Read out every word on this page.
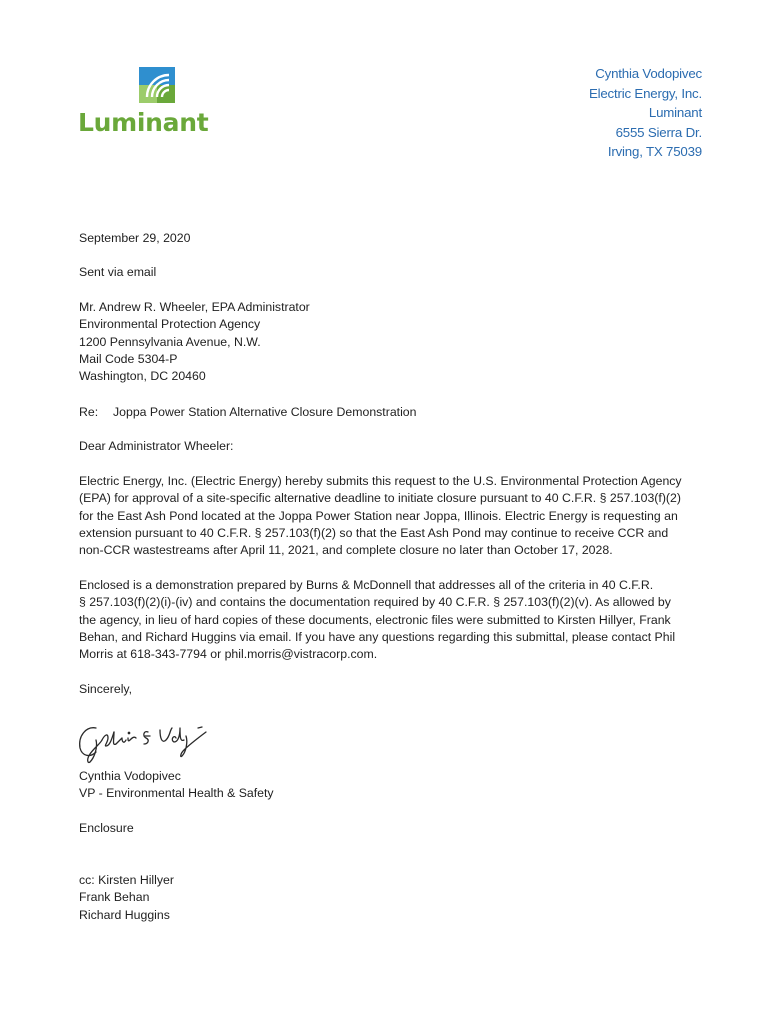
Luminant
Cynthia Vodopivec
Electric Energy, Inc.
Luminant
6555 Sierra Dr.
Irving, TX 75039
September 29, 2020
Sent via email
Mr. Andrew R. Wheeler, EPA Administrator
Environmental Protection Agency
1200 Pennsylvania Avenue, N.W.
Mail Code 5304-P
Washington, DC 20460
Re: Joppa Power Station Alternative Closure Demonstration
Dear Administrator Wheeler:
Electric Energy, Inc. (Electric Energy) hereby submits this request to the U.S. Environmental Protection Agency
(EPA) for approval of a site-specific alternative deadline to initiate closure pursuant to 40 C.F.R. § 257.103(f)(2)
for the East Ash Pond located at the Joppa Power Station near Joppa, Illinois. Electric Energy is requesting an
extension pursuant to 40 C.F.R. § 257.103(f)(2) so that the East Ash Pond may continue to receive CCR and
non-CCR wastestreams after April 11, 2021, and complete closure no later than October 17, 2028.
Enclosed is a demonstration prepared by Burns & McDonnell that addresses all of the criteria in 40 C.F.R.
§ 257.103(f)(2)(i)-(iv) and contains the documentation required by 40 C.F.R. § 257.103(f)(2)(v). As allowed by
the agency, in lieu of hard copies of these documents, electronic files were submitted to Kirsten Hillyer, Frank
Behan, and Richard Huggins via email. If you have any questions regarding this submittal, please contact Phil
Morris at 618-343-7794 or phil.morris@vistracorp.com.
Sincerely,
Cynthia Vodopivec
VP - Environmental Health & Safety
Enclosure
cc: Kirsten Hillyer
Frank Behan
Richard Huggins
